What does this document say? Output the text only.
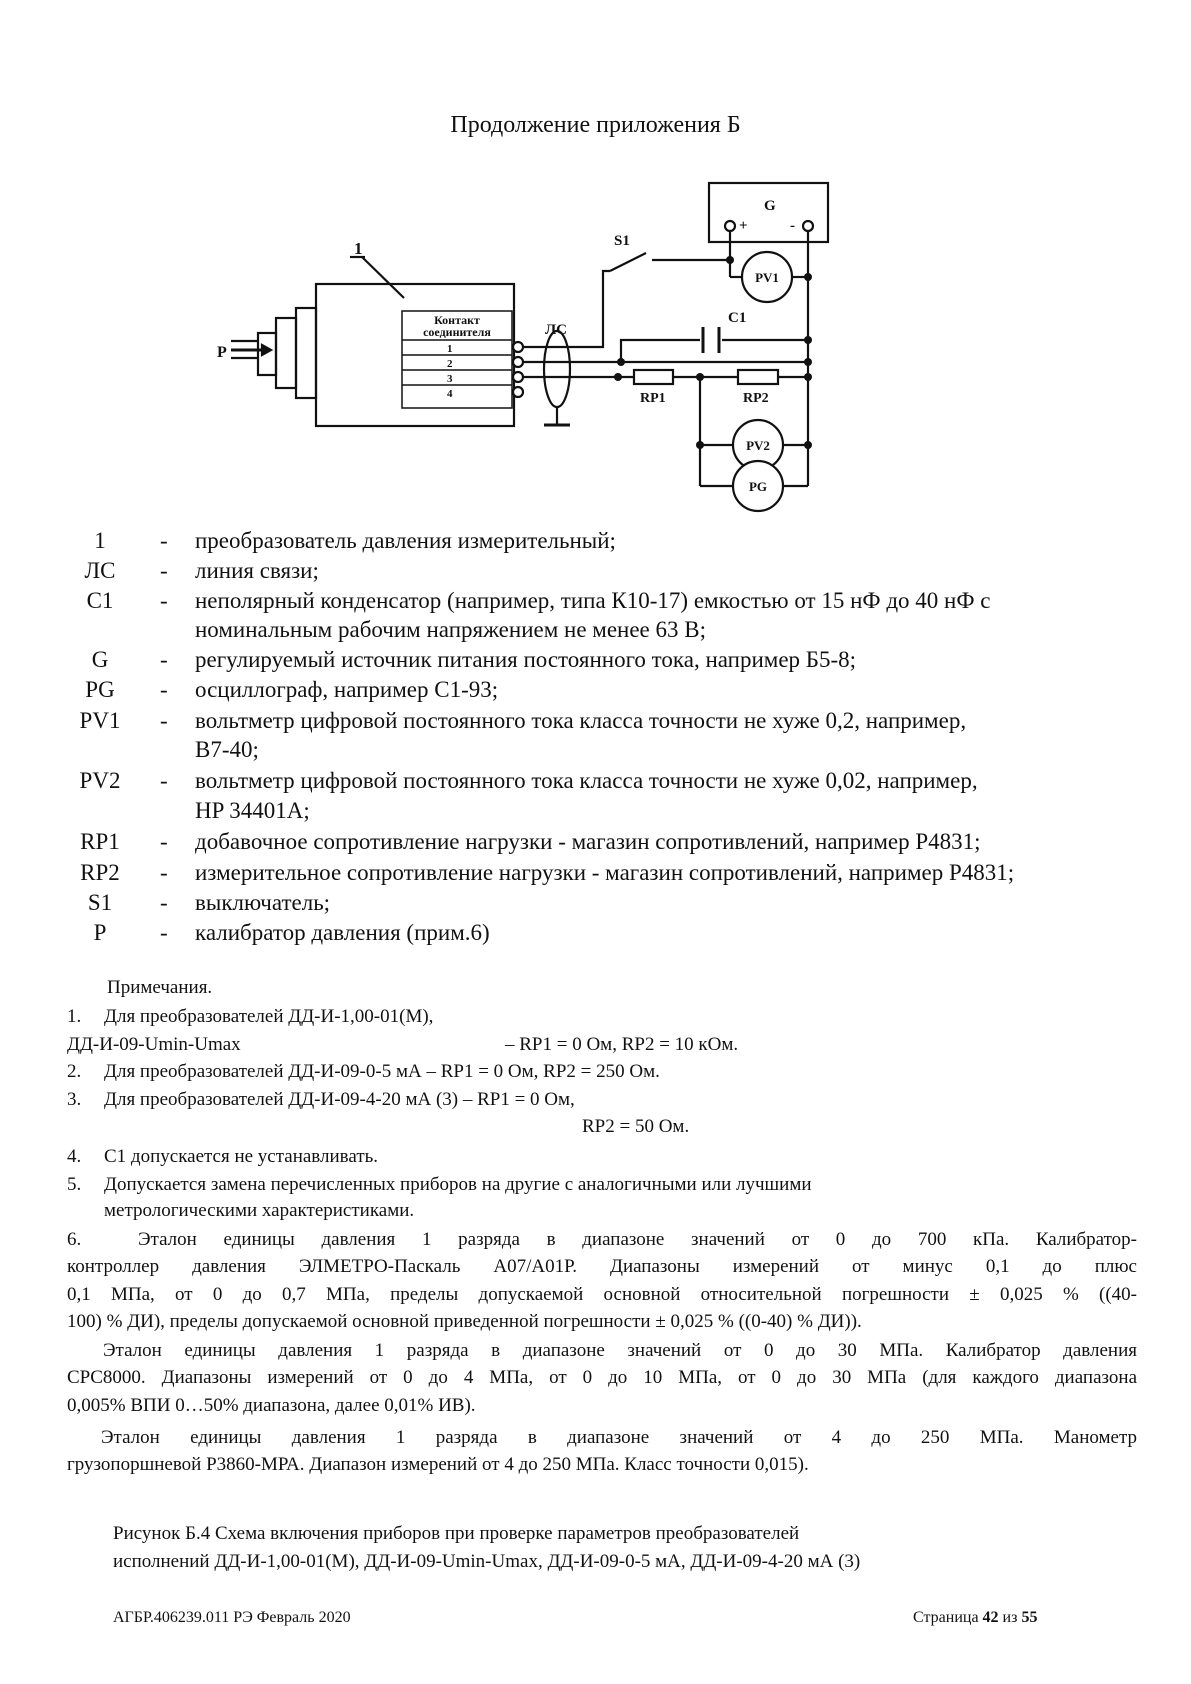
Продолжение приложения Б
Р
1
Контакт
соединителя
1
2
3
4
ЛС
С1
RP1	RP2
G
+	-
S1
PV1
PV2
PG
1	- преобразователь давления измерительный;
ЛС	- линия связи;
С1	- неполярный конденсатор (например, типа К10-17) емкостью от 15 нФ до 40 нФ с
номинальным рабочим напряжением не менее 63 В;
G	- регулируемый источник питания постоянного тока, например Б5-8;
PG	- осциллограф, например С1-93;
PV1	- вольтметр цифровой постоянного тока класса точности не хуже 0,2, например,
В7-40;
PV2	- вольтметр цифровой постоянного тока класса точности не хуже 0,02, например,
HP 34401A;
RP1	- добавочное сопротивление нагрузки - магазин сопротивлений, например Р4831;
RP2	- измерительное сопротивление нагрузки - магазин сопротивлений, например Р4831;
S1	- выключатель;
P	- калибратор давления (прим.6)
Примечания.
1. Для преобразователей ДД-И-1,00-01(М),
ДД-И-09-Umin-Umax	– RP1 = 0 Ом, RP2 = 10 кОм.
2. Для преобразователей ДД-И-09-0-5 мА – RP1 = 0 Ом, RP2 = 250 Ом.
3. Для преобразователей ДД-И-09-4-20 мА (3) – RP1 = 0 Ом,
RP2 = 50 Ом.
4. С1 допускается не устанавливать.
5. Допускается замена перечисленных приборов на другие с аналогичными или лучшими
метрологическими характеристиками.
6.	Эталон единицы давления 1 разряда в диапазоне значений от 0 до 700 кПа. Калибратор-
контроллер давления ЭЛМЕТРО-Паскаль А07/А01Р. Диапазоны измерений от минус 0,1 до плюс
0,1 МПа, от 0 до 0,7 МПа, пределы допускаемой основной относительной погрешности ± 0,025 % ((40-
100) % ДИ), пределы допускаемой основной приведенной погрешности ± 0,025 % ((0-40) % ДИ)).
Эталон единицы давления 1 разряда в диапазоне значений от 0 до 30 МПа. Калибратор давления
CPC8000. Диапазоны измерений от 0 до 4 МПа, от 0 до 10 МПа, от 0 до 30 МПа (для каждого диапазона
0,005% ВПИ 0…50% диапазона, далее 0,01% ИВ).
Эталон единицы давления 1 разряда в диапазоне значений от 4 до 250 МПа. Манометр
грузопоршневой Р3860-МРА. Диапазон измерений от 4 до 250 МПа. Класс точности 0,015).
Рисунок Б.4 Схема включения приборов при проверке параметров преобразователей
исполнений ДД-И-1,00-01(М), ДД-И-09-Umin-Umax, ДД-И-09-0-5 мА, ДД-И-09-4-20 мА (3)
АГБР.406239.011 РЭ Февраль 2020	Страница 42 из 55
